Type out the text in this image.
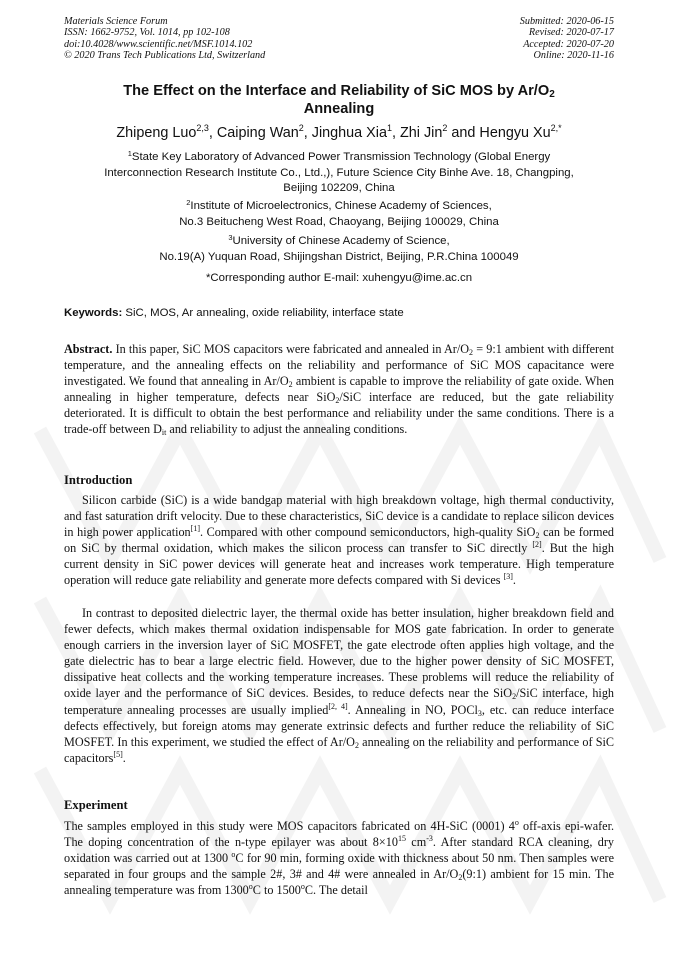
Materials Science Forum
ISSN: 1662-9752, Vol. 1014, pp 102-108
doi:10.4028/www.scientific.net/MSF.1014.102
© 2020 Trans Tech Publications Ltd, Switzerland
Submitted: 2020-06-15
Revised: 2020-07-17
Accepted: 2020-07-20
Online: 2020-11-16
The Effect on the Interface and Reliability of SiC MOS by $Ar/O_2$
Annealing
Zhipeng Luo$^{2,3}$, Caiping Wan$^2$, Jinghua Xia$^1$, Zhi Jin$^2$ and Hengyu $Xu^{2,*}$
$^1$State Key Laboratory of Advanced Power Transmission Technology (Global Energy
Interconnection Research Institute Co., Ltd.,), Future Science City Binhe Ave. 18, Changping,
Beijing 102209, China
$^2$Institute of Microelectronics, Chinese Academy of Sciences,
No.3 Beitucheng West Road, Chaoyang, Beijing 100029, China
$^3$University of Chinese Academy of Science,
No.19(A) Yuquan Road, Shijingshan District, Beijing, P.R.China 100049
*Corresponding author E-mail: xuhengyu@ime.ac.cn
Keywords: SiC, MOS, Ar annealing, oxide reliability, interface state
Abstract. In this paper, SiC MOS capacitors were fabricated and annealed in $Ar/O_2$ = 9:1 ambient with different temperature, and the annealing effects on the reliability and performance of SiC MOS capacitance were investigated. We found that annealing in $Ar/O_2$ ambient is capable to improve the reliability of gate oxide. When annealing in higher temperature, defects near SiO$_2$/SiC interface are reduced, but the gate reliability deteriorated. It is difficult to obtain the best performance and reliability under the same conditions. There is a trade-off between $D_{it}$ and reliability to adjust the annealing conditions.
Introduction
Silicon carbide (SiC) is a wide bandgap material with high breakdown voltage, high thermal conductivity, and fast saturation drift velocity. Due to these characteristics, SiC device is a candidate to replace silicon devices in high power application[1]. Compared with other compound semiconductors, high-quality SiO$_2$ can be formed on SiC by thermal oxidation, which makes the silicon process can transfer to SiC directly [2]. But the high current density in SiC power devices will generate heat and increases work temperature. High temperature operation will reduce gate reliability and generate more defects compared with Si devices [3].
In contrast to deposited dielectric layer, the thermal oxide has better insulation, higher breakdown field and fewer defects, which makes thermal oxidation indispensable for MOS gate fabrication. In order to generate enough carriers in the inversion layer of SiC MOSFET, the gate electrode often applies high voltage, and the gate dielectric has to bear a large electric field. However, due to the higher power density of SiC MOSFET, dissipative heat collects and the working temperature increases. These problems will reduce the reliability of oxide layer and the performance of SiC devices. Besides, to reduce defects near the SiO$_2$/SiC interface, high temperature annealing processes are usually implied[2, 4]. Annealing in NO, POCl$_3$, etc. can reduce interface defects effectively, but foreign atoms may generate extrinsic defects and further reduce the reliability of SiC MOSFET. In this experiment, we studied the effect of $Ar/O_2$ annealing on the reliability and performance of SiC capacitors[5].
Experiment
The samples employed in this study were MOS capacitors fabricated on 4H-SiC (0001) 4$^o$ off-axis epi-wafer. The doping concentration of the n-type epilayer was about $8\times 10^{15}$ $cm^{-3}$. After standard RCA cleaning, dry oxidation was carried out at 1300 $^o$C for 90 min, forming oxide with thickness about 50 nm. Then samples were separated in four groups and the sample 2#, 3# and 4# were annealed in $Ar/O_2(9:1)$ ambient for 15 min. The annealing temperature was from 1300$^o$C to 1500$^o$C. The detail
